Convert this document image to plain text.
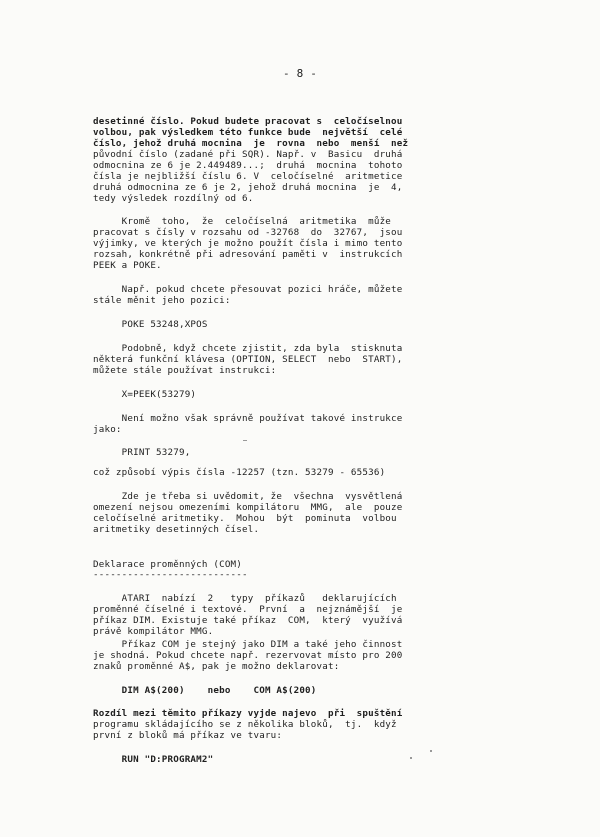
- 8 -
desetinné číslo. Pokud budete pracovat s  celočíselnou
volbou, pak výsledkem této funkce bude  největší  celé
číslo, jehož druhá mocnina  je  rovna  nebo  menší  než
původní číslo (zadané při SQR). Např. v  Basicu  druhá
odmocnina ze 6 je 2.449489...;  druhá  mocnina  tohoto
čísla je nejbližší číslu 6. V  celočíselné  aritmetice
druhá odmocnina ze 6 je 2, jehož druhá mocnina  je  4,
tedy výsledek rozdílný od 6.
Kromě  toho,  že  celočíselná  aritmetika  může
pracovat s čísly v rozsahu od -32768  do  32767,  jsou
výjimky, ve kterých je možno použít čísla i mimo tento
rozsah, konkrétně při adresování paměti v  instrukcích
PEEK a POKE.
Např. pokud chcete přesouvat pozici hráče, můžete
stále měnit jeho pozici:
POKE 53248,XPOS
Podobně, když chcete zjistit, zda byla  stisknuta
některá funkční klávesa (OPTION, SELECT  nebo  START),
můžete stále používat instrukci:
X=PEEK(53279)
Není možno však správně používat takové instrukce
jako:
PRINT 53279,
což způsobí výpis čísla -12257 (tzn. 53279 - 65536)
Zde je třeba si uvědomit, že  všechna  vysvětlená
omezení nejsou omezeními kompilátoru  MMG,  ale  pouze
celočíselné aritmetiky.  Mohou  být  pominuta  volbou
aritmetiky desetinných čísel.
Deklarace proměnných (COM)
---------------------------
ATARI  nabízí  2   typy  příkazů   deklarujících
proměnné číselné i textové.  První  a  nejznámější  je
příkaz DIM. Existuje také příkaz  COM,  který  využívá
právě kompilátor MMG.
Příkaz COM je stejný jako DIM a také jeho činnost
je shodná. Pokud chcete např. rezervovat místo pro 200
znaků proměnné A$, pak je možno deklarovat:
DIM A$(200)    nebo    COM A$(200)
Rozdíl mezi těmito příkazy vyjde najevo  při  spuštění
programu skládajícího se z několika bloků,  tj.  když
první z bloků má příkaz ve tvaru:
RUN "D:PROGRAM2"
